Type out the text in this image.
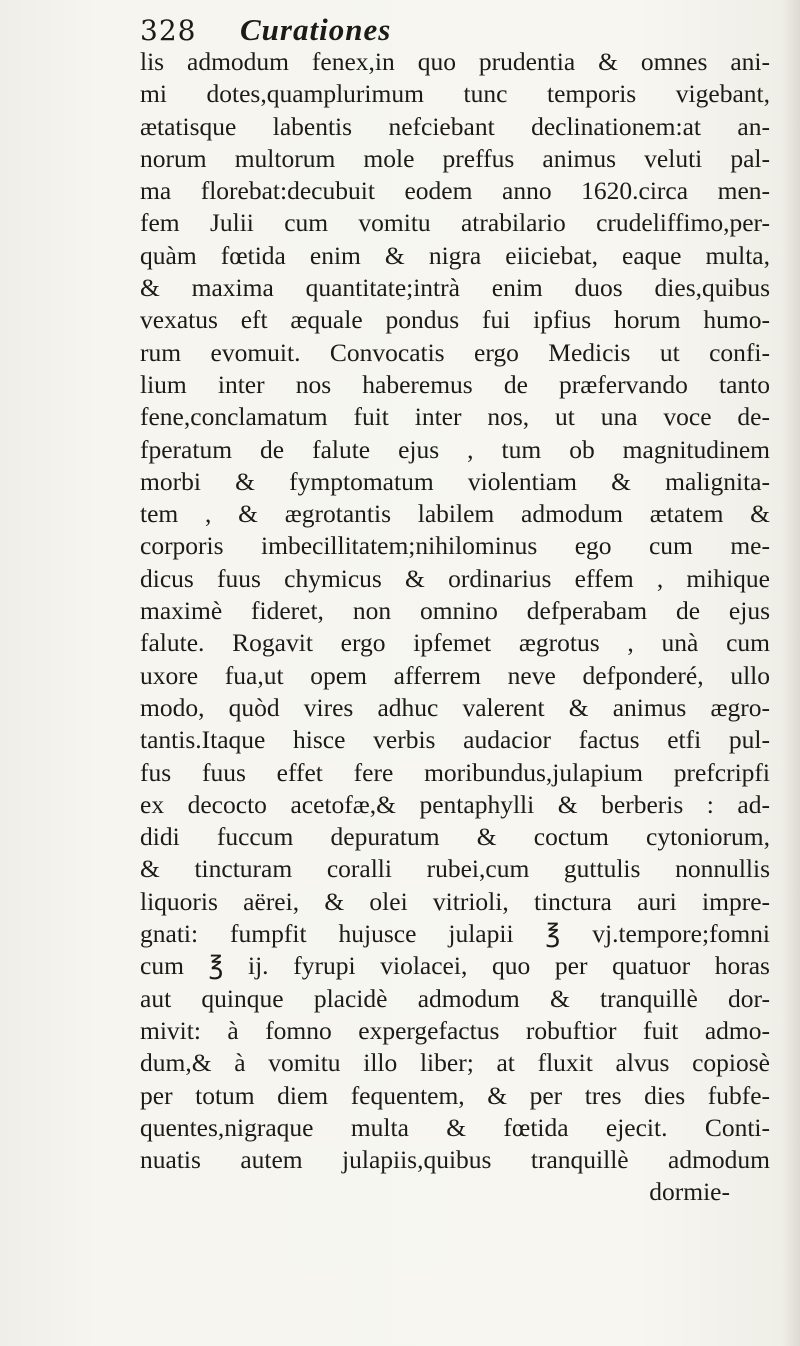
328 Curationes
lis admodum fenex,in quo prudentia & omnes ani-
mi dotes,quamplurimum tunc temporis vigebant,
ætatisque labentis nefciebant declinationem:at an-
norum multorum mole preffus animus veluti pal-
ma florebat:decubuit eodem anno 1620.circa men-
fem Julii cum vomitu atrabilario crudeliffimo,per-
quàm fœtida enim & nigra eiiciebat, eaque multa,
& maxima quantitate;intrà enim duos dies,quibus
vexatus eft æquale pondus fui ipfius horum humo-
rum evomuit. Convocatis ergo Medicis ut confi-
lium inter nos haberemus de præfervando tanto
fene,conclamatum fuit inter nos, ut una voce de-
fperatum de falute ejus , tum ob magnitudinem
morbi & fymptomatum violentiam & malignita-
tem , & ægrotantis labilem admodum ætatem &
corporis imbecillitatem;nihilominus ego cum me-
dicus fuus chymicus & ordinarius effem , mihique
maximè fideret, non omnino defperabam de ejus
falute. Rogavit ergo ipfemet ægrotus , unà cum
uxore fua,ut opem afferrem neve defponderé, ullo
modo, quòd vires adhuc valerent & animus ægro-
tantis.Itaque hisce verbis audacior factus etfi pul-
fus fuus effet fere moribundus,julapium prefcripfi
ex decocto acetofæ,& pentaphylli & berberis : ad-
didi fuccum depuratum & coctum cytoniorum,
& tincturam coralli rubei,cum guttulis nonnullis
liquoris aërei, & olei vitrioli, tinctura auri impre-
gnati: fumpfit hujusce julapii ℥ vj.tempore;fomni
cum ℥ ij. fyrupi violacei, quo per quatuor horas
aut quinque placidè admodum & tranquillè dor-
mivit: à fomno expergefactus robuftior fuit admo-
dum,& à vomitu illo liber; at fluxit alvus copiosè
per totum diem fequentem, & per tres dies fubfe-
quentes,nigraque multa & fœtida ejecit. Conti-
nuatis autem julapiis,quibus tranquillè admodum
dormie-
